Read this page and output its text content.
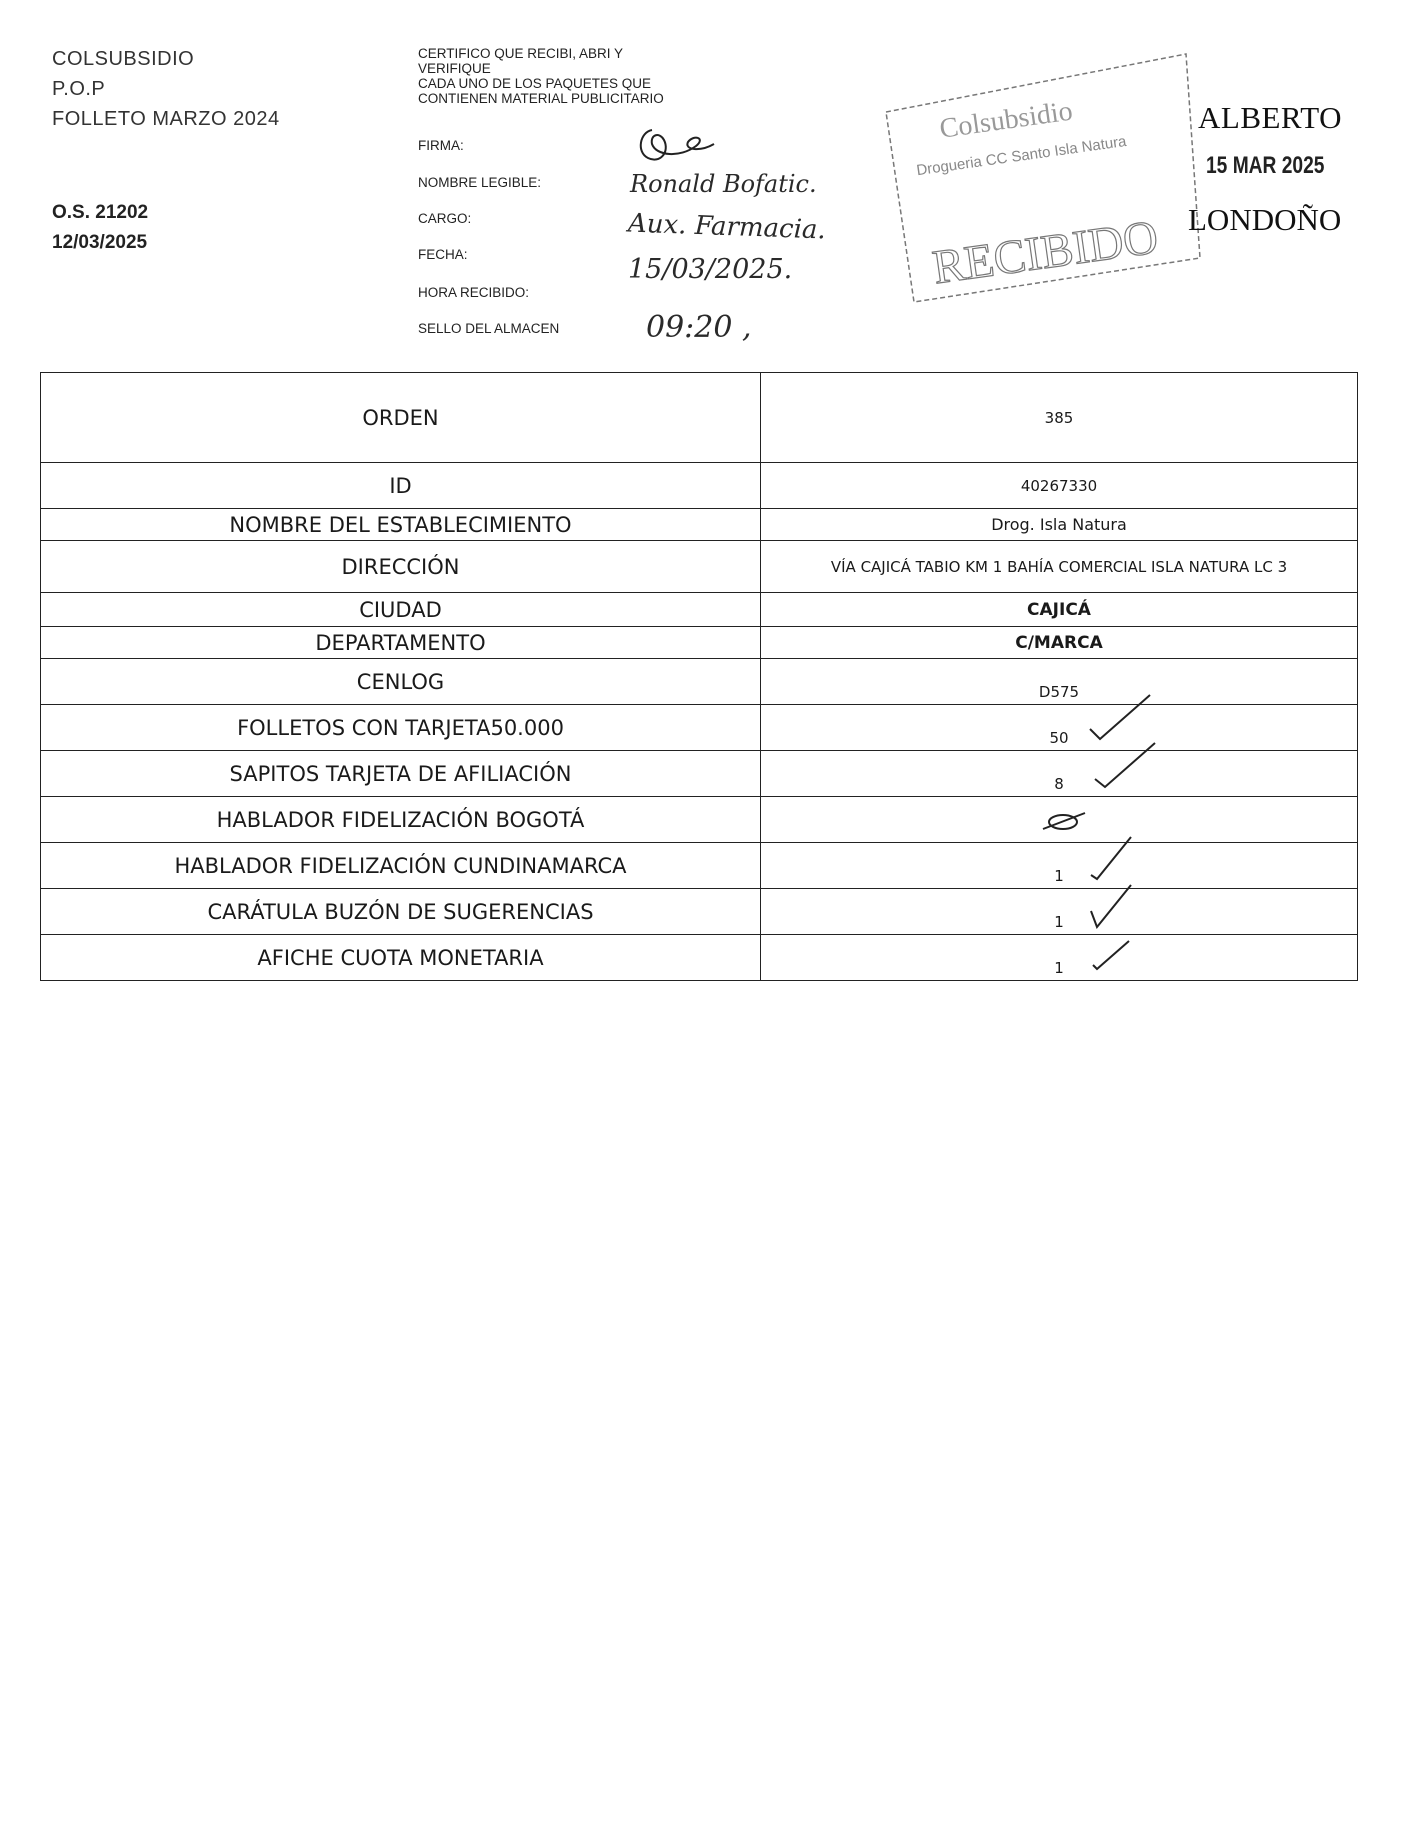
COLSUBSIDIO
P.O.P
FOLLETO MARZO 2024
O.S. 21202
12/03/2025
CERTIFICO QUE RECIBI, ABRI Y
VERIFIQUE
CADA UNO DE LOS PAQUETES QUE
CONTIENEN MATERIAL PUBLICITARIO
FIRMA:
NOMBRE LEGIBLE:
CARGO:
FECHA:
HORA RECIBIDO:
SELLO DEL ALMACEN
Ronald Bofatic.
Aux. Farmacia.
15/03/2025.
09:20 ,
Colsubsidio
Drogueria CC Santo Isla Natura
RECIBIDO
ALBERTO
15 MAR 2025
LONDOÑO
ORDEN	385
ID	40267330
NOMBRE DEL ESTABLECIMIENTO	Drog. Isla Natura
DIRECCIÓN	VÍA CAJICÁ TABIO KM 1 BAHÍA COMERCIAL ISLA NATURA LC 3
CIUDAD	CAJICÁ
DEPARTAMENTO	C/MARCA
CENLOG	D575
FOLLETOS CON TARJETA50.000	50

SAPITOS TARJETA DE AFILIACIÓN	8

HABLADOR FIDELIZACIÓN BOGOTÁ	
HABLADOR FIDELIZACIÓN CUNDINAMARCA	1

CARÁTULA BUZÓN DE SUGERENCIAS	1

AFICHE CUOTA MONETARIA	1
